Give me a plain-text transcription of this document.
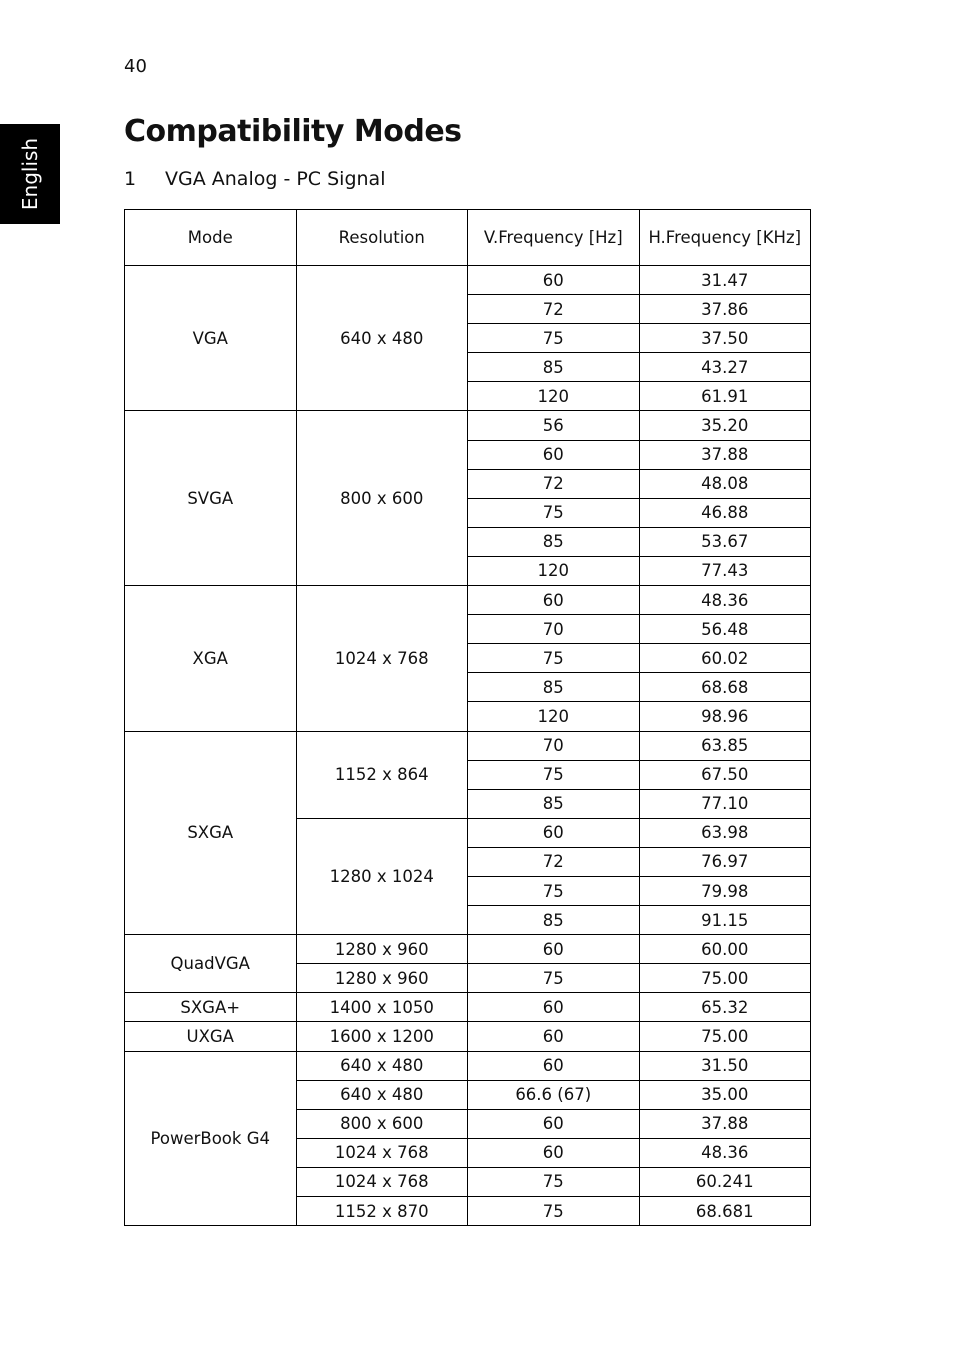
40
English
Compatibility Modes
1 VGA Analog - PC Signal
Mode	Resolution	V.Frequency [Hz]	H.Frequency [KHz]
VGA	640 x 480	60	31.47
		72	37.86
		75	37.50
		85	43.27
		120	61.91
SVGA	800 x 600	56	35.20
		60	37.88
		72	48.08
		75	46.88
		85	53.67
		120	77.43
XGA	1024 x 768	60	48.36
		70	56.48
		75	60.02
		85	68.68
		120	98.96
SXGA	1152 x 864	70	63.85
		75	67.50
		85	77.10
	1280 x 1024	60	63.98
		72	76.97
		75	79.98
		85	91.15
QuadVGA	1280 x 960	60	60.00
	1280 x 960	75	75.00
SXGA+	1400 x 1050	60	65.32
UXGA	1600 x 1200	60	75.00
PowerBook G4	640 x 480	60	31.50
	640 x 480	66.6 (67)	35.00
	800 x 600	60	37.88
	1024 x 768	60	48.36
	1024 x 768	75	60.241
	1152 x 870	75	68.681
